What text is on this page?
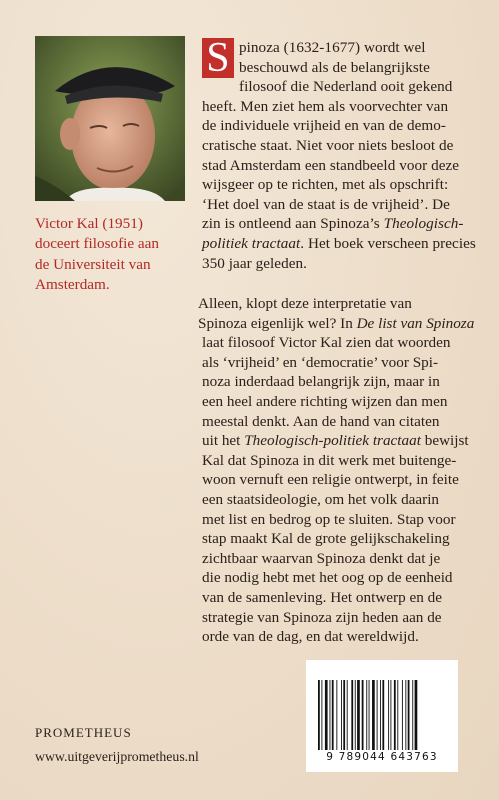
Victor Kal (1951)

doceert filosofie aan

de Universiteit van

Amsterdam.

S pinoza (1632-1677) wordt wel
beschouwd als de belangrijkste
filosoof die Nederland ooit gekend
heeft. Men ziet hem als voorvechter van
de individuele vrijheid en van de demo-
cratische staat. Niet voor niets besloot de
stad Amsterdam een standbeeld voor deze
wijsgeer op te richten, met als opschrift:
‘Het doel van de staat is de vrijheid’. De
zin is ontleend aan Spinoza’s Theologisch-
politiek tractaat. Het boek verscheen precies
350 jaar geleden.
Alleen, klopt deze interpretatie van
Spinoza eigenlijk wel? In De list van Spinoza
laat filosoof Victor Kal zien dat woorden
als ‘vrijheid’ en ‘democratie’ voor Spi-
noza inderdaad belangrijk zijn, maar in
een heel andere richting wijzen dan men
meestal denkt. Aan de hand van citaten
uit het Theologisch-politiek tractaat bewijst
Kal dat Spinoza in dit werk met buitenge-
woon vernuft een religie ontwerpt, in feite
een staatsideologie, om het volk daarin
met list en bedrog op te sluiten. Stap voor
stap maakt Kal de grote gelijkschakeling
zichtbaar waarvan Spinoza denkt dat je
die nodig hebt met het oog op de eenheid
van de samenleving. Het ontwerp en de
strategie van Spinoza zijn heden aan de
orde van de dag, en dat wereldwijd.
9 789044 643763
PROMETHEUS
www.uitgeverijprometheus.nl
